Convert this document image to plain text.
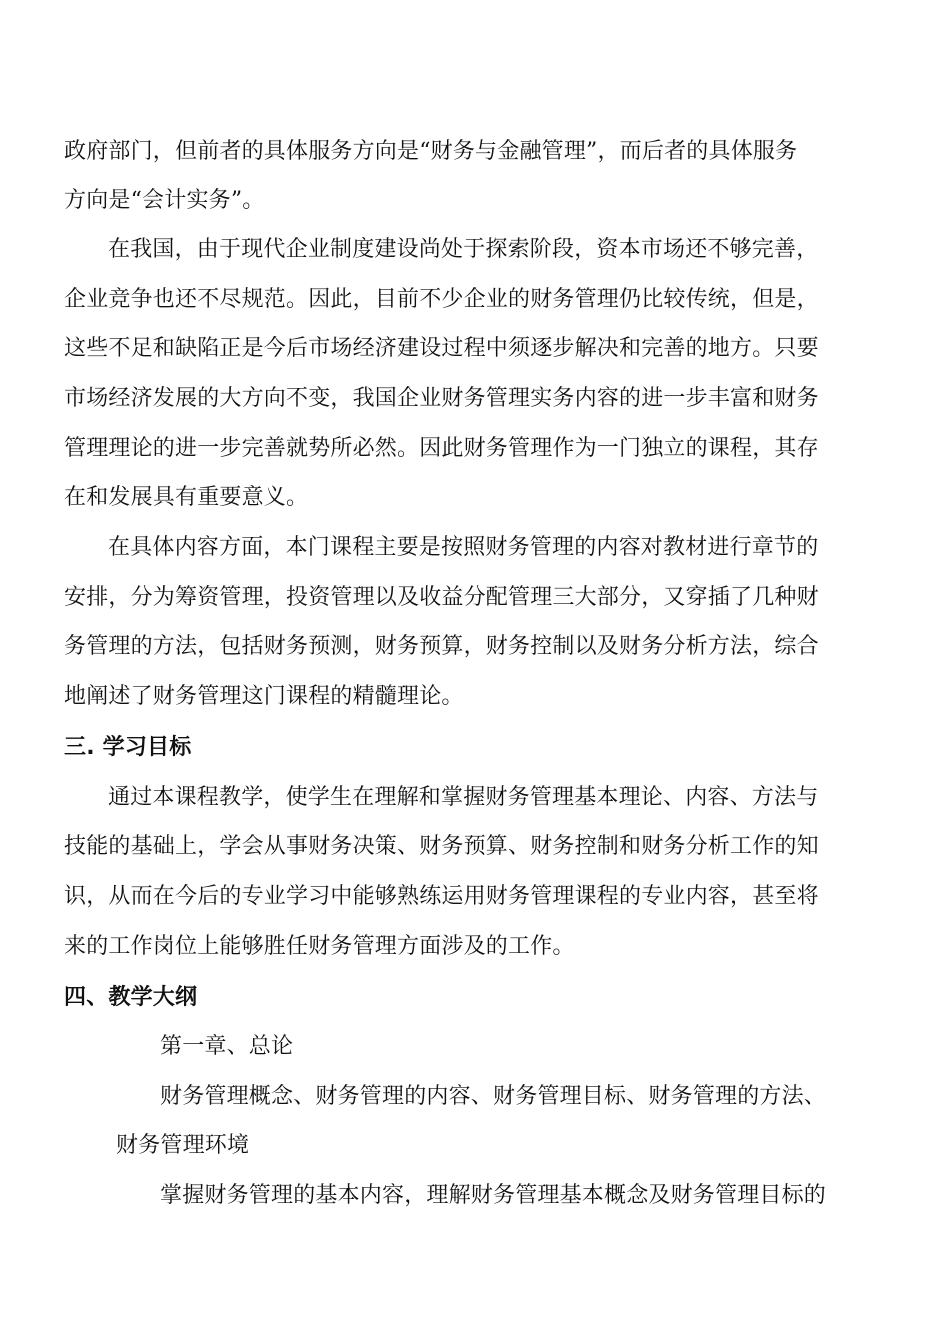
政府部门，但前者的具体服务方向是“财务与金融管理”，而后者的具体服务
方向是“会计实务”。
在我国，由于现代企业制度建设尚处于探索阶段，资本市场还不够完善，
企业竞争也还不尽规范。因此，目前不少企业的财务管理仍比较传统，但是，
这些不足和缺陷正是今后市场经济建设过程中须逐步解决和完善的地方。只要
市场经济发展的大方向不变，我国企业财务管理实务内容的进一步丰富和财务
管理理论的进一步完善就势所必然。因此财务管理作为一门独立的课程，其存
在和发展具有重要意义。
在具体内容方面，本门课程主要是按照财务管理的内容对教材进行章节的
安排，分为筹资管理，投资管理以及收益分配管理三大部分，又穿插了几种财
务管理的方法，包括财务预测，财务预算，财务控制以及财务分析方法，综合
地阐述了财务管理这门课程的精髓理论。
三. 学习目标
通过本课程教学，使学生在理解和掌握财务管理基本理论、内容、方法与
技能的基础上，学会从事财务决策、财务预算、财务控制和财务分析工作的知
识，从而在今后的专业学习中能够熟练运用财务管理课程的专业内容，甚至将
来的工作岗位上能够胜任财务管理方面涉及的工作。
四、教学大纲
第一章、总论
财务管理概念、财务管理的内容、财务管理目标、财务管理的方法、
财务管理环境
掌握财务管理的基本内容，理解财务管理基本概念及财务管理目标的
